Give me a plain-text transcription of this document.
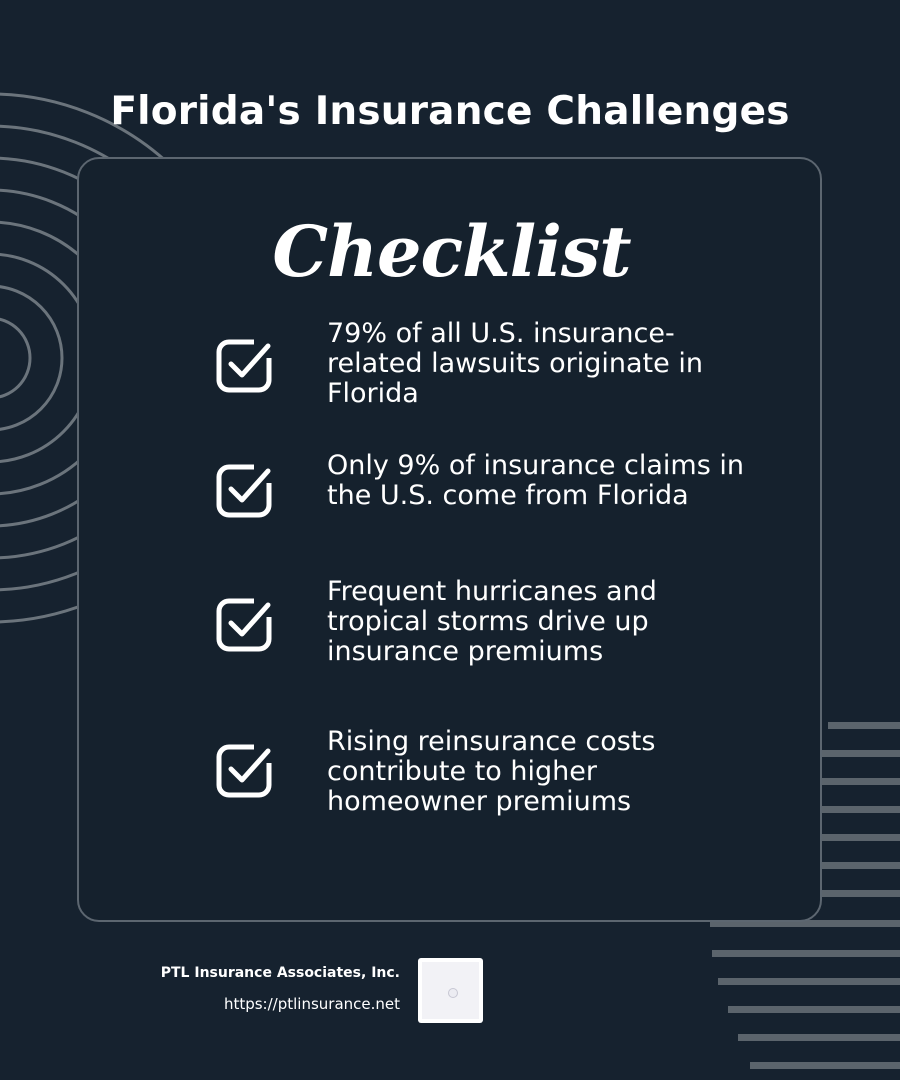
Florida's Insurance Challenges
Checklist

79% of all U.S. insurance-related lawsuits originate in Florida

Only 9% of insurance claims in the U.S. come from Florida

Frequent hurricanes and tropical storms drive up insurance premiums

Rising reinsurance costs contribute to higher homeowner premiums

PTL Insurance Associates, Inc.
https://ptlinsurance.net
